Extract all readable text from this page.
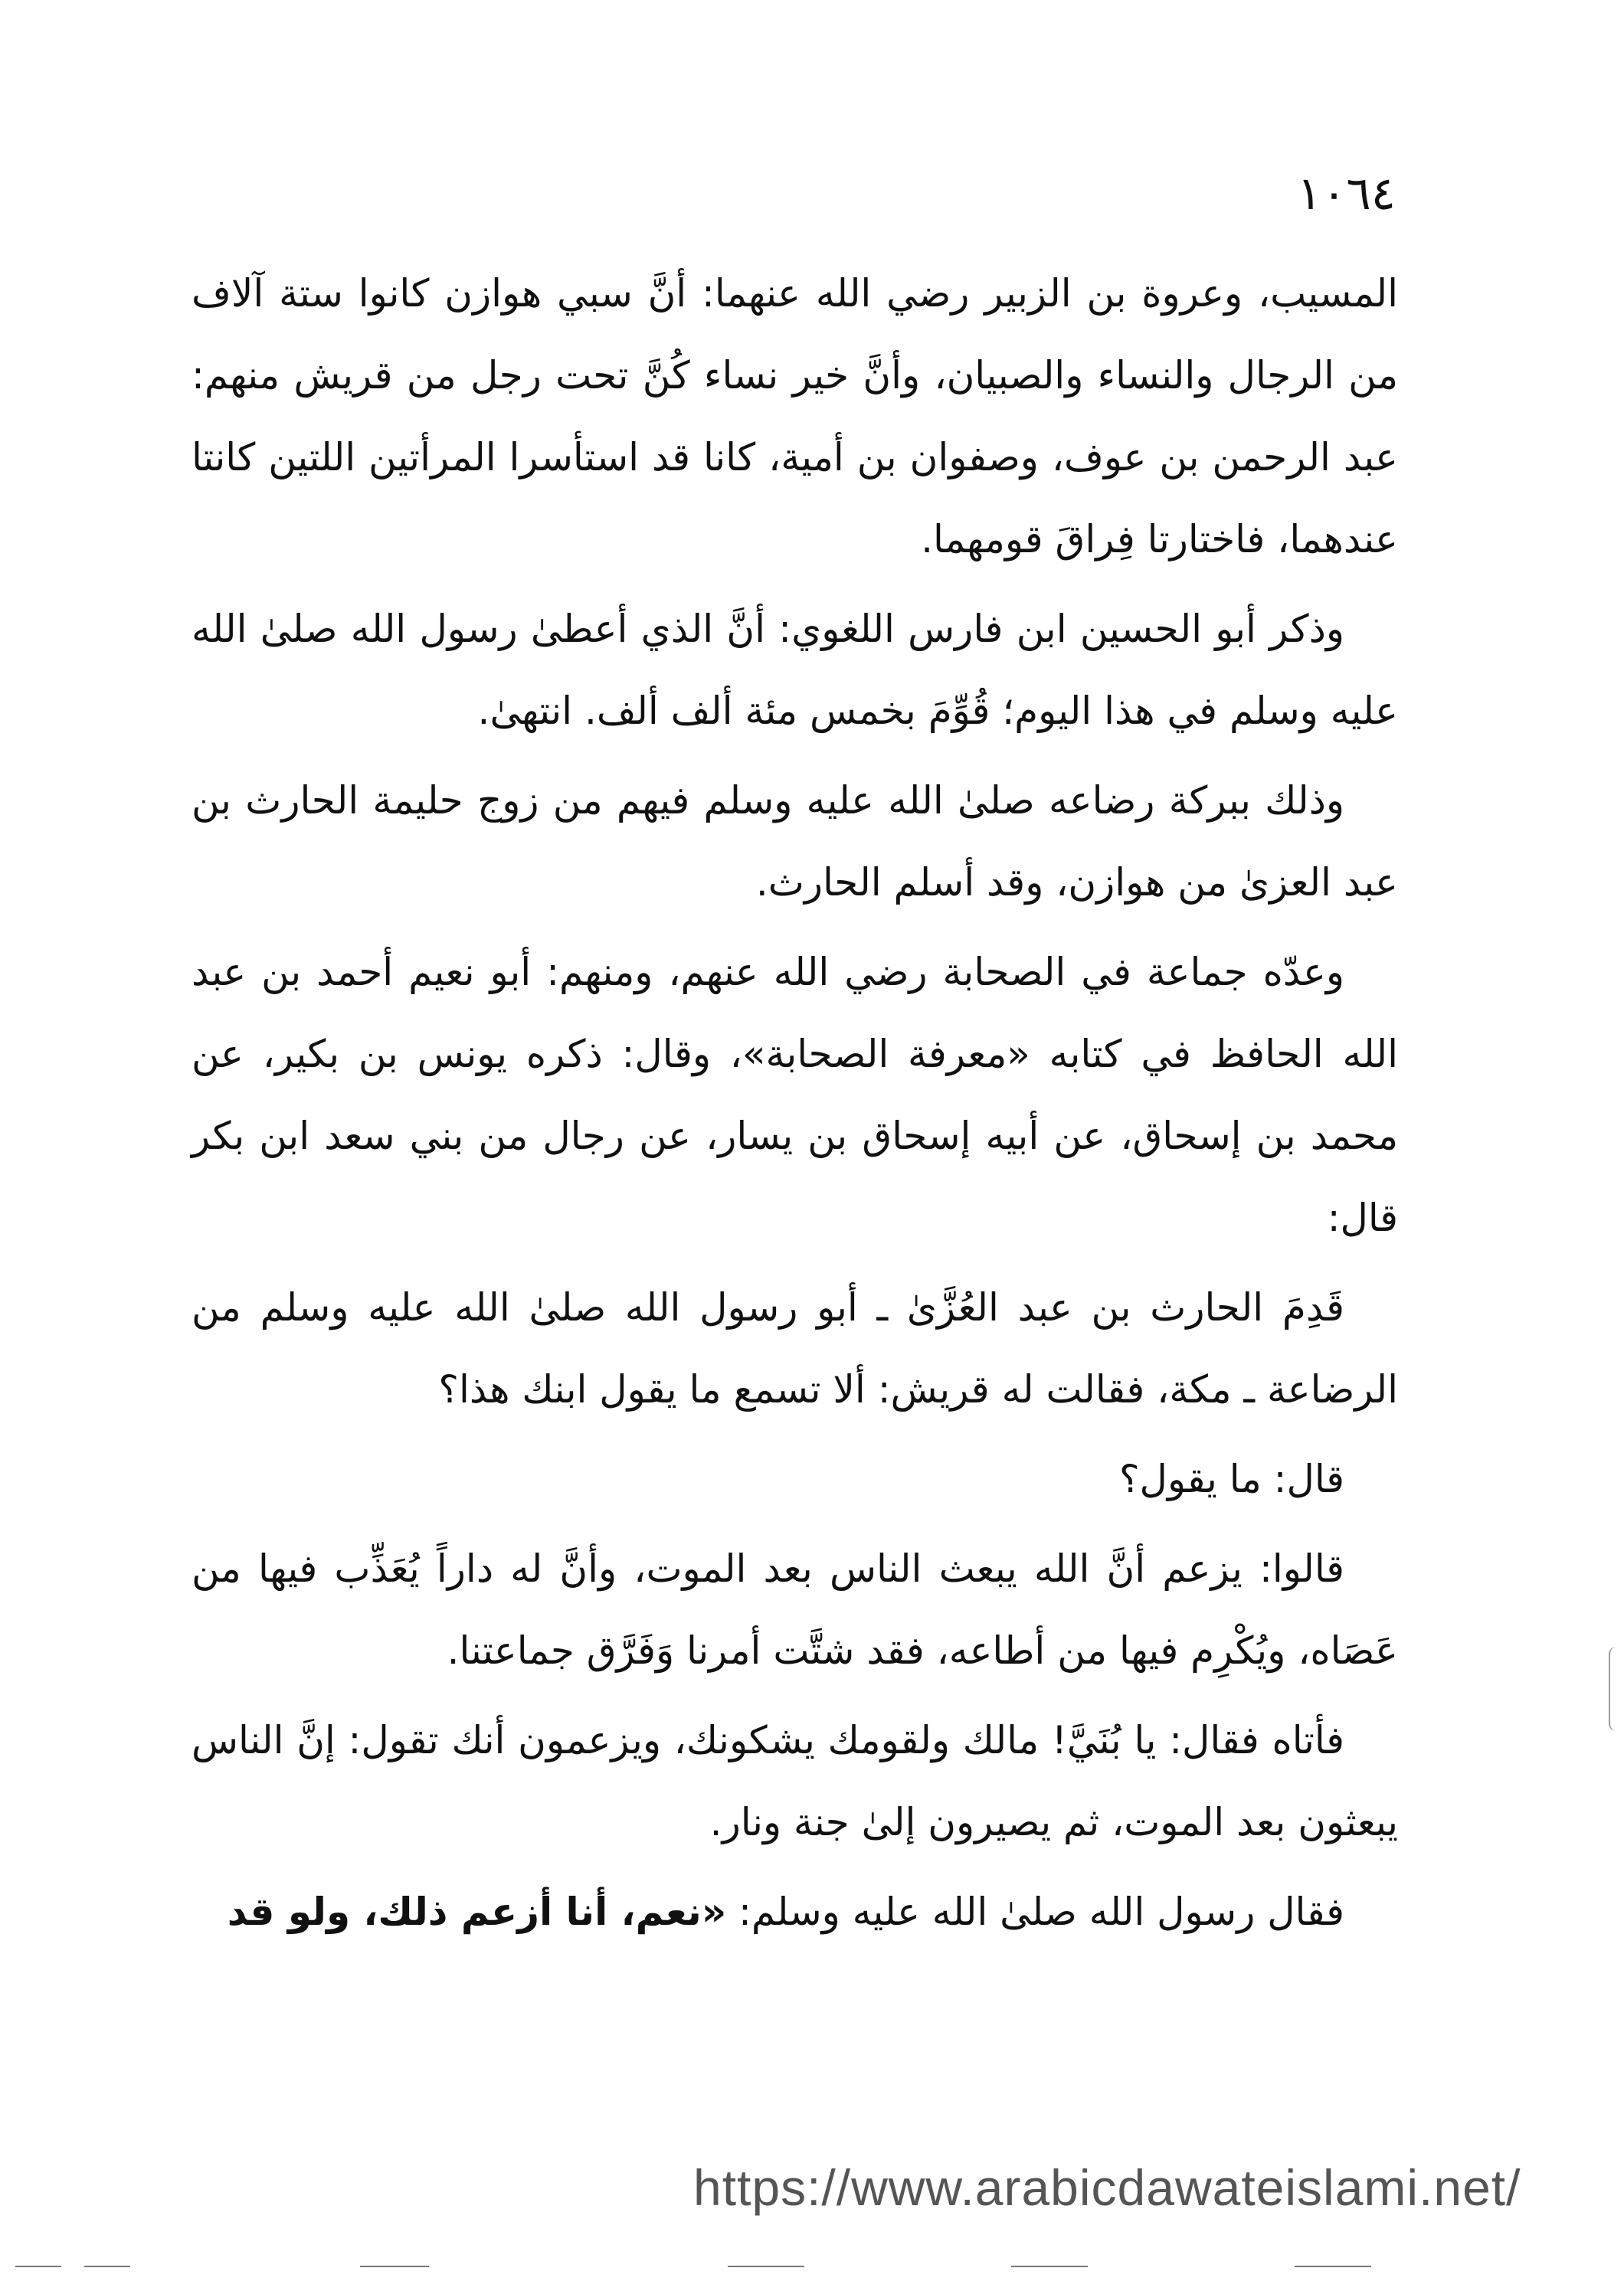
١٠٦٤

المسيب، وعروة بن الزبير رضي الله عنهما: أنَّ سبي هوازن كانوا ستة آلاف من الرجال والنساء والصبيان، وأنَّ خير نساء كُنَّ تحت رجل من قريش منهم: عبد الرحمن بن عوف، وصفوان بن أمية، كانا قد استأسرا المرأتين اللتين كانتا عندهما، فاختارتا فِراقَ قومهما.

وذكر أبو الحسين ابن فارس اللغوي: أنَّ الذي أعطىٰ رسول الله صلىٰ الله عليه وسلم في هذا اليوم؛ قُوِّمَ بخمس مئة ألف ألف. انتهىٰ.

وذلك ببركة رضاعه صلىٰ الله عليه وسلم فيهم من زوج حليمة الحارث بن عبد العزىٰ من هوازن، وقد أسلم الحارث.

وعدّه جماعة في الصحابة رضي الله عنهم، ومنهم: أبو نعيم أحمد بن عبد الله الحافظ في كتابه «معرفة الصحابة»، وقال: ذكره يونس بن بكير، عن محمد بن إسحاق، عن أبيه إسحاق بن يسار، عن رجال من بني سعد ابن بكر قال:

قَدِمَ الحارث بن عبد العُزَّىٰ ـ أبو رسول الله صلىٰ الله عليه وسلم من الرضاعة ـ مكة، فقالت له قريش: ألا تسمع ما يقول ابنك هذا؟

قال: ما يقول؟

قالوا: يزعم أنَّ الله يبعث الناس بعد الموت، وأنَّ له داراً يُعَذِّب فيها من عَصَاه، ويُكْرِم فيها من أطاعه، فقد شتَّت أمرنا وَفَرَّق جماعتنا.

فأتاه فقال: يا بُنَيَّ! مالك ولقومك يشكونك، ويزعمون أنك تقول: إنَّ الناس يبعثون بعد الموت، ثم يصيرون إلىٰ جنة ونار.

فقال رسول الله صلىٰ الله عليه وسلم: «نعم، أنا أزعم ذلك، ولو قد

https://www.arabicdawateislami.net/
